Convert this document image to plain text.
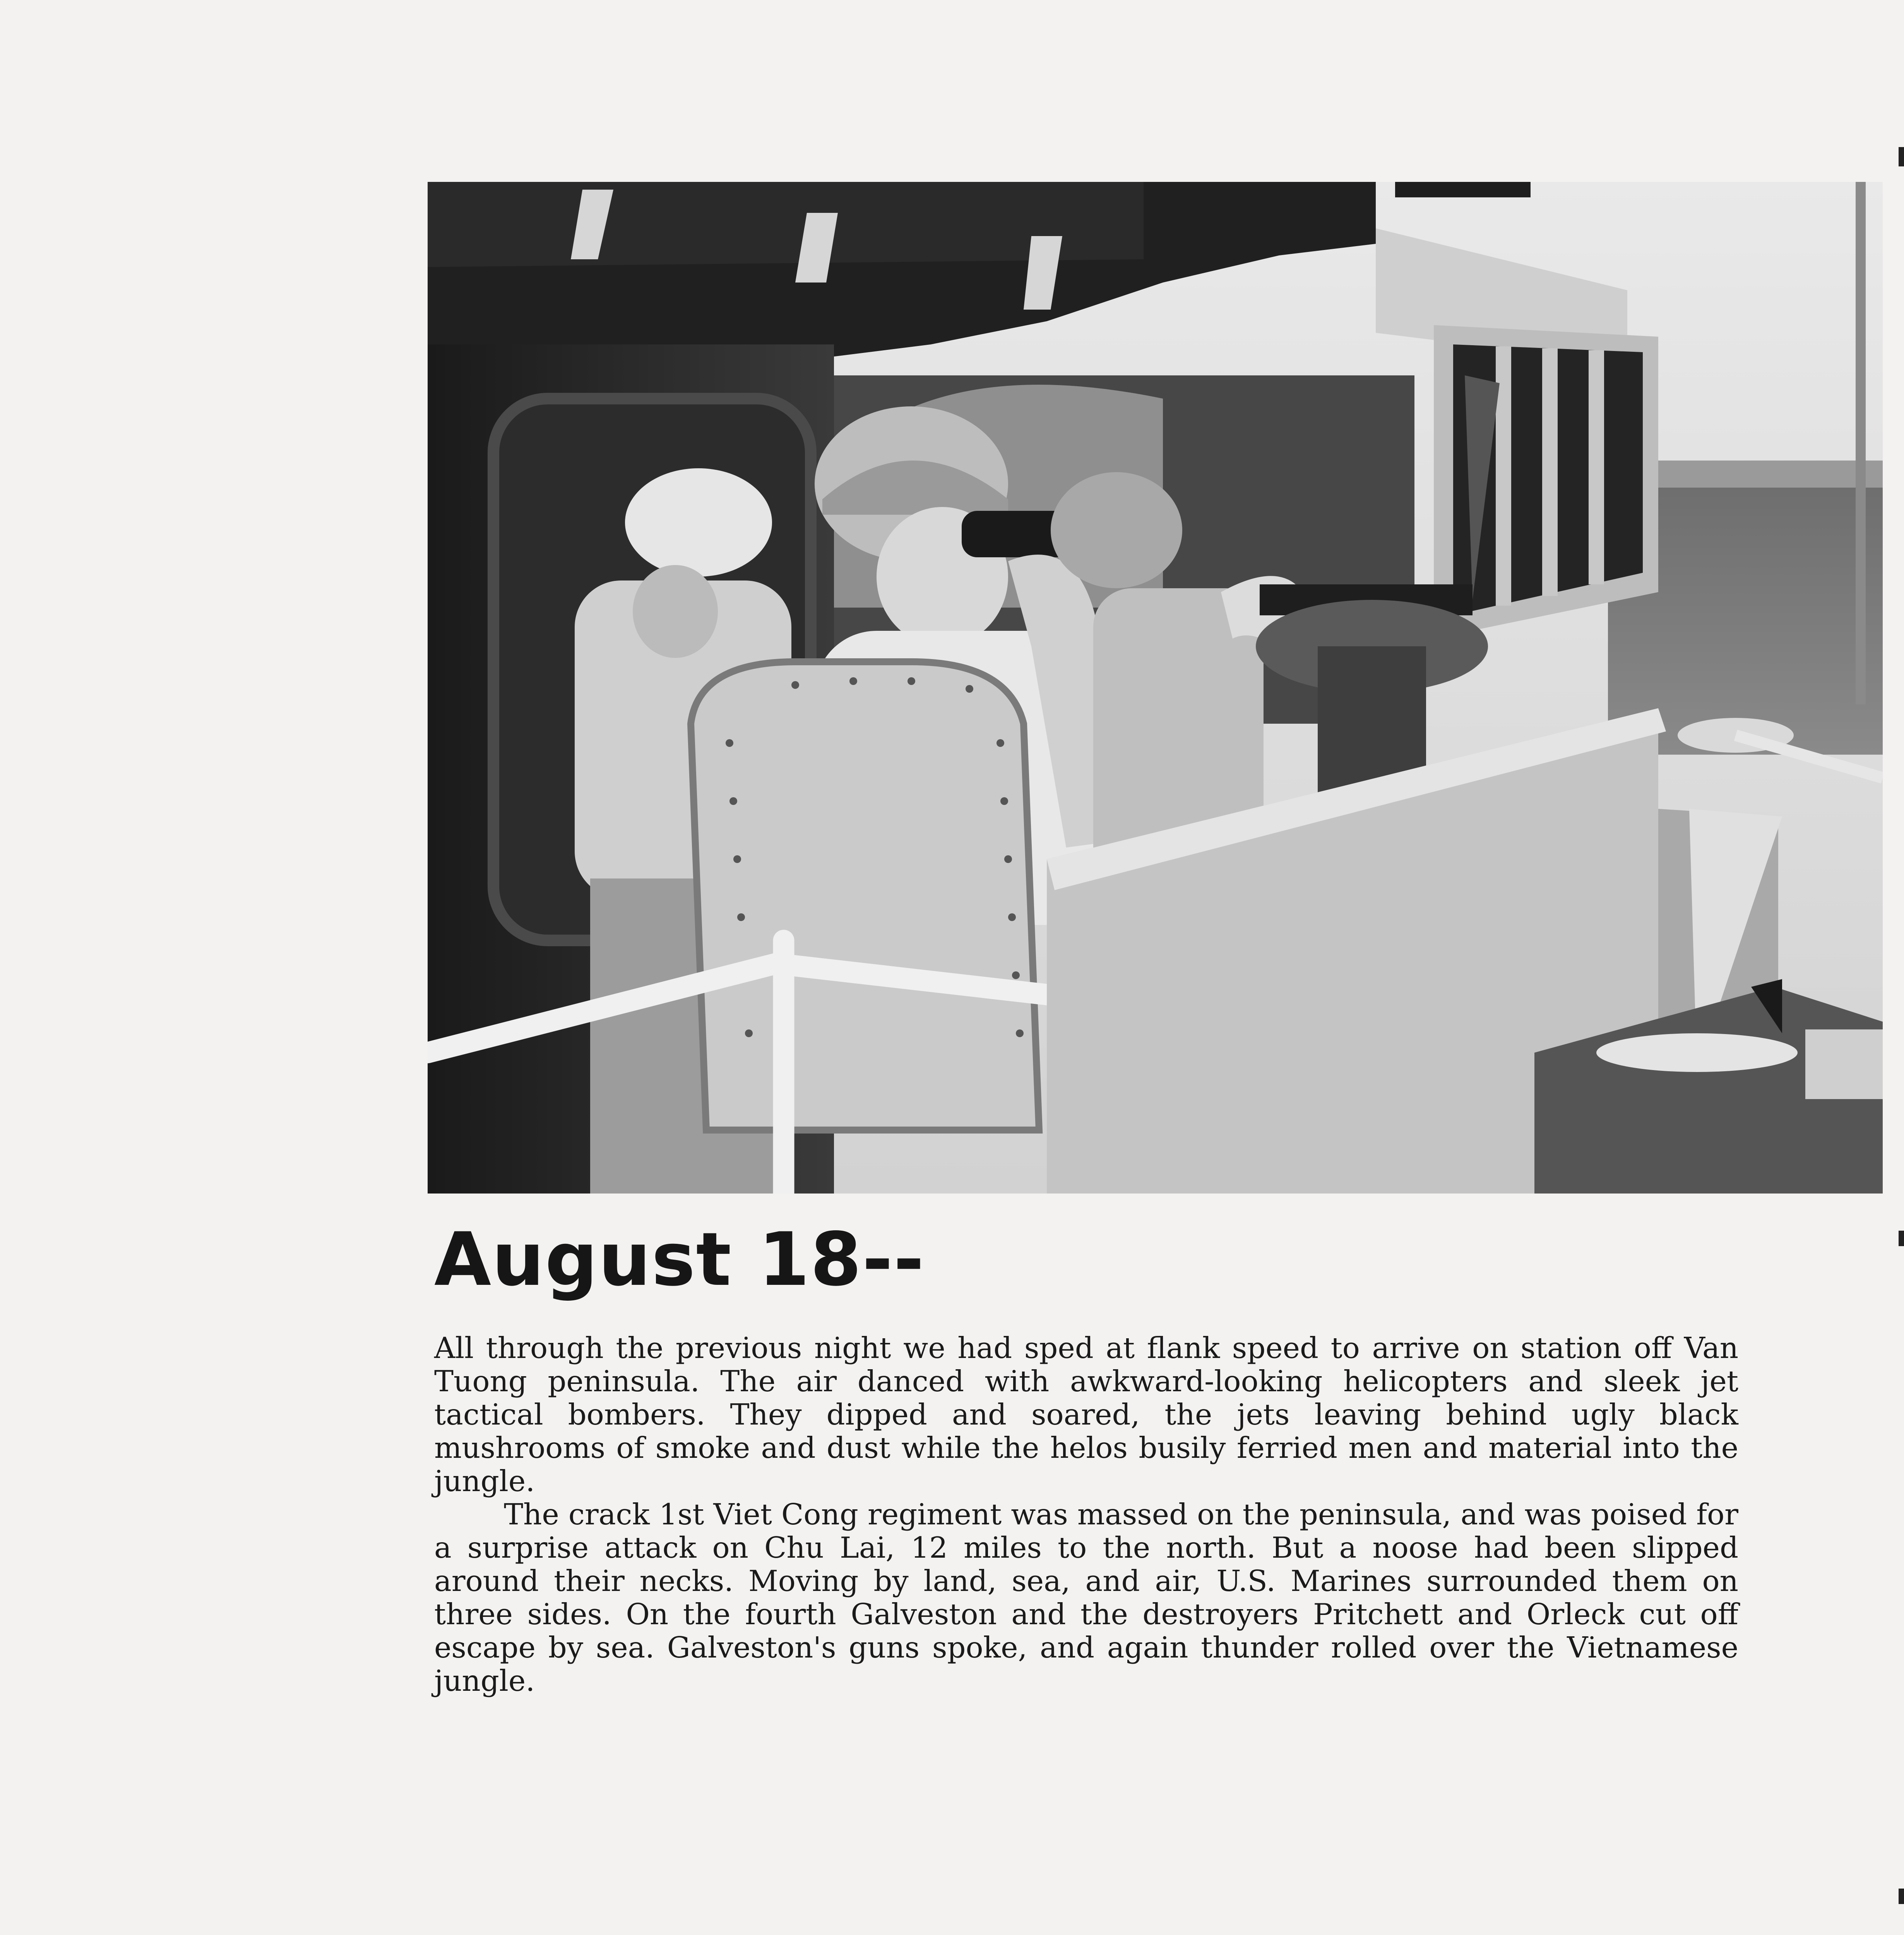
August 18--

All through the previous night we had sped at flank speed to arrive on station off Van Tuong peninsula. The air danced with awkward-looking helicopters and sleek jet tactical bombers. They dipped and soared, the jets leaving behind ugly black mushrooms of smoke and dust while the helos busily ferried men and material into the jungle.

The crack 1st Viet Cong regiment was massed on the peninsula, and was poised for a surprise attack on Chu Lai, 12 miles to the north. But a noose had been slipped around their necks. Moving by land, sea, and air, U.S. Marines surrounded them on three sides. On the fourth Galveston and the destroyers Pritchett and Orleck cut off escape by sea. Galveston's guns spoke, and again thunder rolled over the Vietnamese jungle.
